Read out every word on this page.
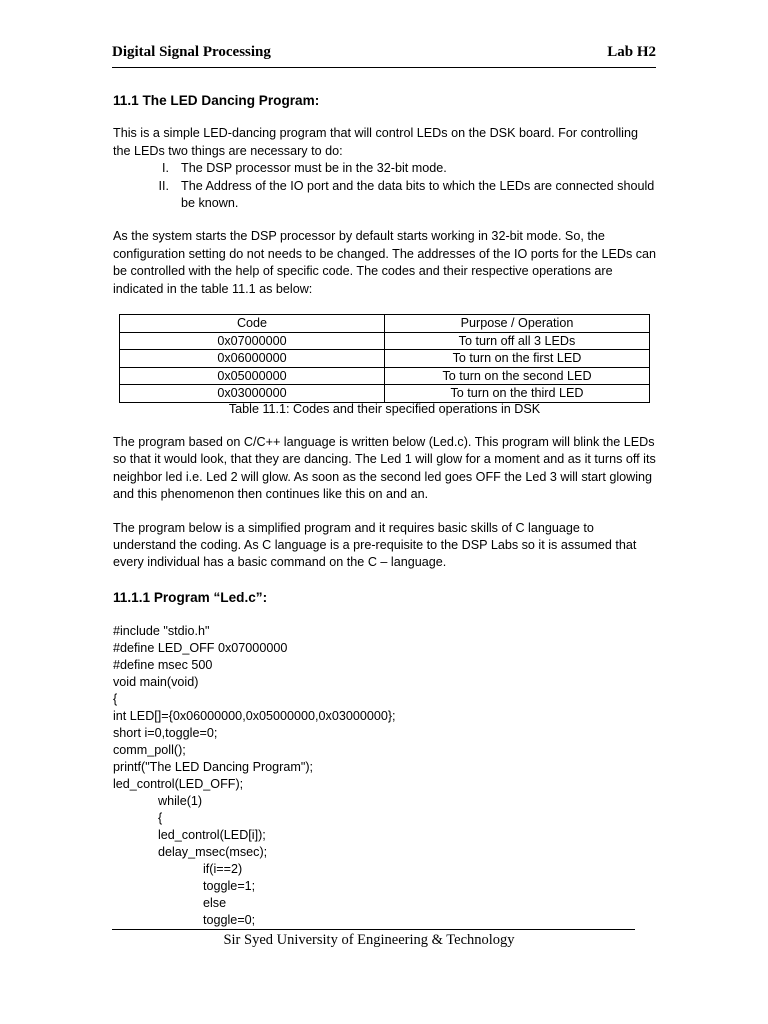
Digital Signal Processing	Lab H2

11.1 The LED Dancing Program:

This is a simple LED-dancing program that will control LEDs on the DSK board. For controlling the LEDs two things are necessary to do:

I. The DSP processor must be in the 32-bit mode.
II. The Address of the IO port and the data bits to which the LEDs are connected should be known.

As the system starts the DSP processor by default starts working in 32-bit mode. So, the configuration setting do not needs to be changed. The addresses of the IO ports for the LEDs can be controlled with the help of specific code. The codes and their respective operations are indicated in the table 11.1 as below:

Code	Purpose / Operation
0x07000000	To turn off all 3 LEDs
0x06000000	To turn on the first LED
0x05000000	To turn on the second LED
0x03000000	To turn on the third LED
Table 11.1: Codes and their specified operations in DSK

The program based on C/C++ language is written below (Led.c). This program will blink the LEDs so that it would look, that they are dancing. The Led 1 will glow for a moment and as it turns off its neighbor led i.e. Led 2 will glow. As soon as the second led goes OFF the Led 3 will start glowing and this phenomenon then continues like this on and an.

The program below is a simplified program and it requires basic skills of C language to understand the coding. As C language is a pre-requisite to the DSP Labs so it is assumed that every individual has a basic command on the C – language.

11.1.1 Program “Led.c”:

#include "stdio.h"
#define LED_OFF 0x07000000
#define msec 500
void main(void)
{
int LED[]={0x06000000,0x05000000,0x03000000};
short i=0,toggle=0;
comm_poll();
printf("The LED Dancing Program");
led_control(LED_OFF);
while(1)
{
led_control(LED[i]);
delay_msec(msec);
if(i==2)
toggle=1;
else
toggle=0;
Sir Syed University of Engineering & Technology
